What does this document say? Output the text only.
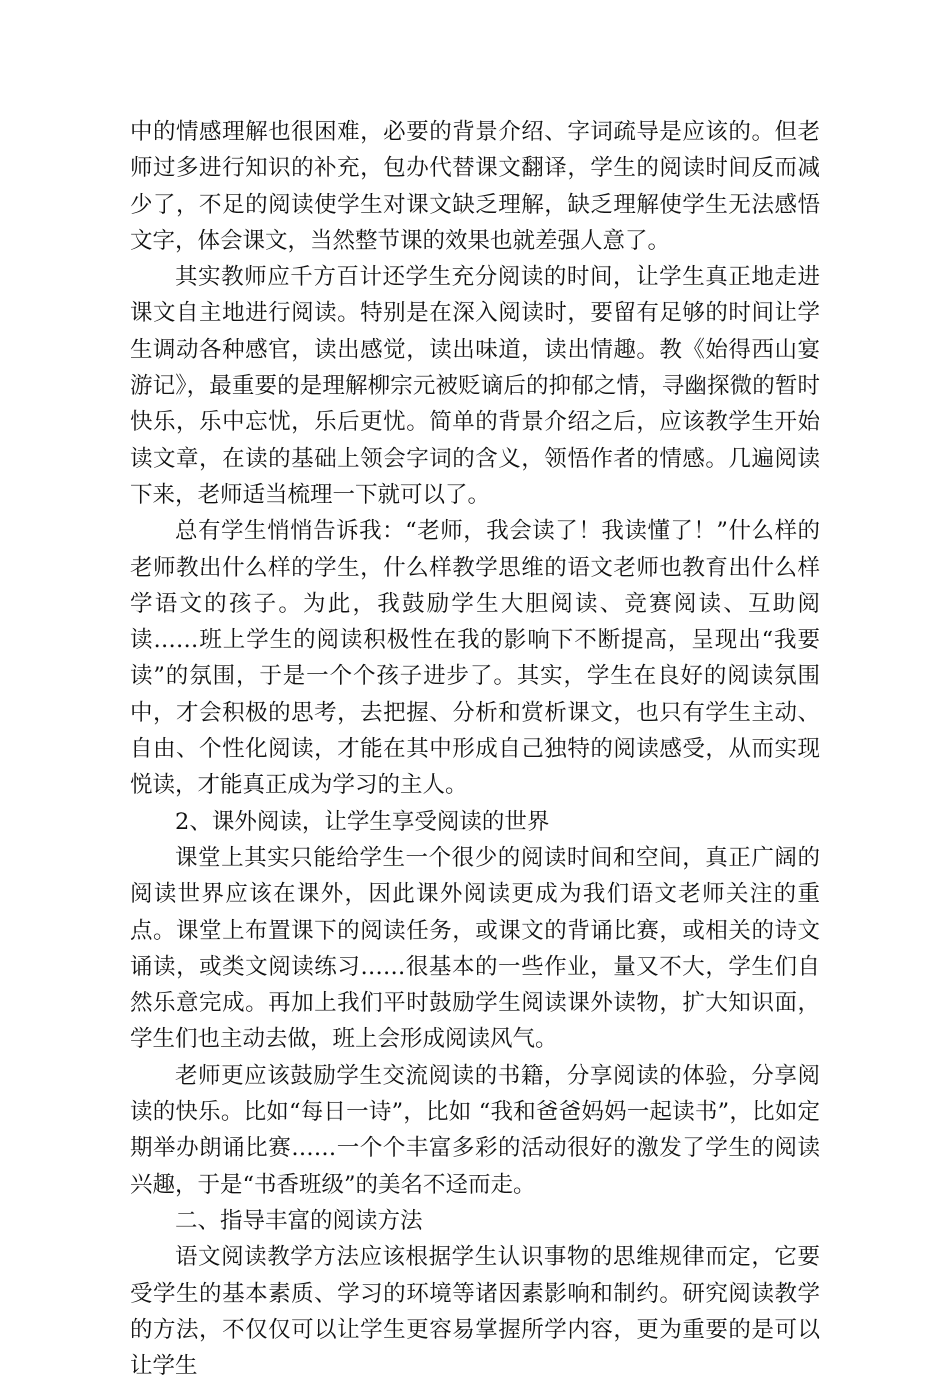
中的情感理解也很困难，必要的背景介绍、字词疏导是应该的。但老师过多进行知识的补充，包办代替课文翻译，学生的阅读时间反而减少了，不足的阅读使学生对课文缺乏理解，缺乏理解使学生无法感悟文字，体会课文，当然整节课的效果也就差强人意了。

其实教师应千方百计还学生充分阅读的时间，让学生真正地走进课文自主地进行阅读。特别是在深入阅读时，要留有足够的时间让学生调动各种感官，读出感觉，读出味道，读出情趣。教《始得西山宴游记》，最重要的是理解柳宗元被贬谪后的抑郁之情，寻幽探微的暂时快乐，乐中忘忧，乐后更忧。简单的背景介绍之后，应该教学生开始读文章，在读的基础上领会字词的含义，领悟作者的情感。几遍阅读下来，老师适当梳理一下就可以了。

总有学生悄悄告诉我：“老师，我会读了！我读懂了！”什么样的老师教出什么样的学生，什么样教学思维的语文老师也教育出什么样学语文的孩子。为此，我鼓励学生大胆阅读、竞赛阅读、互助阅读……班上学生的阅读积极性在我的影响下不断提高，呈现出“我要读”的氛围，于是一个个孩子进步了。其实，学生在良好的阅读氛围中，才会积极的思考，去把握、分析和赏析课文，也只有学生主动、自由、个性化阅读，才能在其中形成自己独特的阅读感受，从而实现悦读，才能真正成为学习的主人。

2、课外阅读，让学生享受阅读的世界

课堂上其实只能给学生一个很少的阅读时间和空间，真正广阔的阅读世界应该在课外，因此课外阅读更成为我们语文老师关注的重点。课堂上布置课下的阅读任务，或课文的背诵比赛，或相关的诗文诵读，或类文阅读练习……很基本的一些作业，量又不大，学生们自然乐意完成。再加上我们平时鼓励学生阅读课外读物，扩大知识面，学生们也主动去做，班上会形成阅读风气。

老师更应该鼓励学生交流阅读的书籍，分享阅读的体验，分享阅读的快乐。比如“每日一诗”，比如 “我和爸爸妈妈一起读书”，比如定期举办朗诵比赛……一个个丰富多彩的活动很好的激发了学生的阅读兴趣，于是“书香班级”的美名不迳而走。

二、指导丰富的阅读方法

语文阅读教学方法应该根据学生认识事物的思维规律而定，它要受学生的基本素质、学习的环境等诸因素影响和制约。研究阅读教学的方法，不仅仅可以让学生更容易掌握所学内容，更为重要的是可以让学生
